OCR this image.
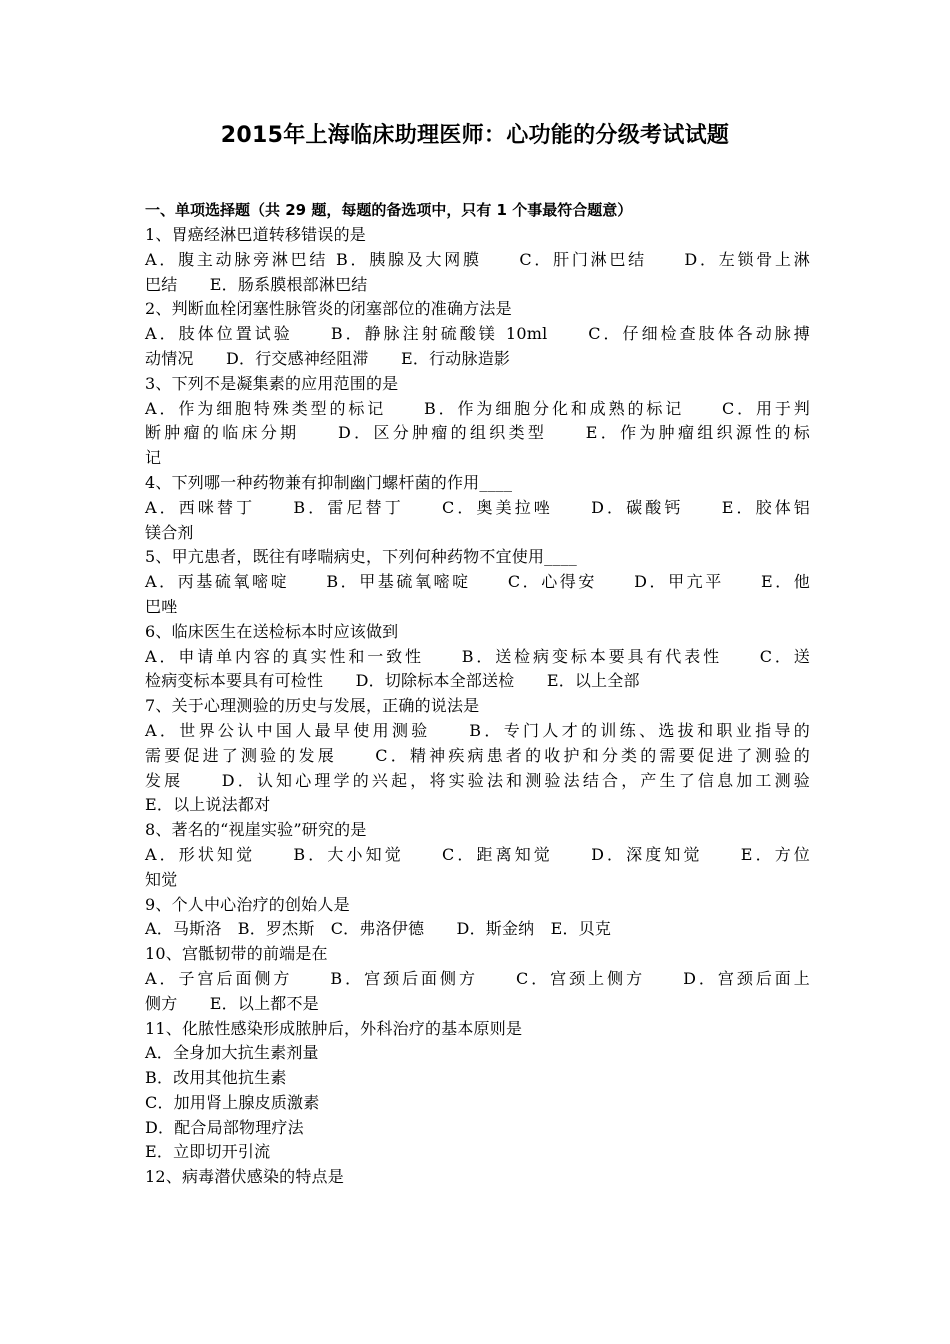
2015年上海临床助理医师：心功能的分级考试试题
一、单项选择题（共 29 题，每题的备选项中，只有 1 个事最符合题意）
1、胃癌经淋巴道转移错误的是
A．腹主动脉旁淋巴结 B．胰腺及大网膜　　C．肝门淋巴结　　D．左锁骨上淋
巴结　　E．肠系膜根部淋巴结
2、判断血栓闭塞性脉管炎的闭塞部位的准确方法是
A．肢体位置试验　　B．静脉注射硫酸镁 10ml　　C．仔细检查肢体各动脉搏
动情况　　D．行交感神经阻滞　　E．行动脉造影
3、下列不是凝集素的应用范围的是
A．作为细胞特殊类型的标记　　B．作为细胞分化和成熟的标记　　C．用于判
断肿瘤的临床分期　　D．区分肿瘤的组织类型　　E．作为肿瘤组织源性的标
记
4、下列哪一种药物兼有抑制幽门螺杆菌的作用____
A．西咪替丁　　B．雷尼替丁　　C．奥美拉唑　　D．碳酸钙　　E．胶体铝
镁合剂
5、甲亢患者，既往有哮喘病史，下列何种药物不宜使用____
A．丙基硫氧嘧啶　　B．甲基硫氧嘧啶　　C．心得安　　D．甲亢平　　E．他
巴唑
6、临床医生在送检标本时应该做到
A．申请单内容的真实性和一致性　　B．送检病变标本要具有代表性　　C．送
检病变标本要具有可检性　　D．切除标本全部送检　　E．以上全部
7、关于心理测验的历史与发展，正确的说法是
A．世界公认中国人最早使用测验　　B．专门人才的训练、选拔和职业指导的
需要促进了测验的发展　　C．精神疾病患者的收护和分类的需要促进了测验的
发展　　D．认知心理学的兴起，将实验法和测验法结合，产生了信息加工测验
E．以上说法都对
8、著名的“视崖实验”研究的是
A．形状知觉　　B．大小知觉　　C．距离知觉　　D．深度知觉　　E．方位
知觉
9、个人中心治疗的创始人是
A．马斯洛　B．罗杰斯　C．弗洛伊德　　D．斯金纳　E．贝克
10、宫骶韧带的前端是在
A．子宫后面侧方　　B．宫颈后面侧方　　C．宫颈上侧方　　D．宫颈后面上
侧方　　E．以上都不是
11、化脓性感染形成脓肿后，外科治疗的基本原则是
A．全身加大抗生素剂量
B．改用其他抗生素
C．加用肾上腺皮质激素
D．配合局部物理疗法
E．立即切开引流
12、病毒潜伏感染的特点是
